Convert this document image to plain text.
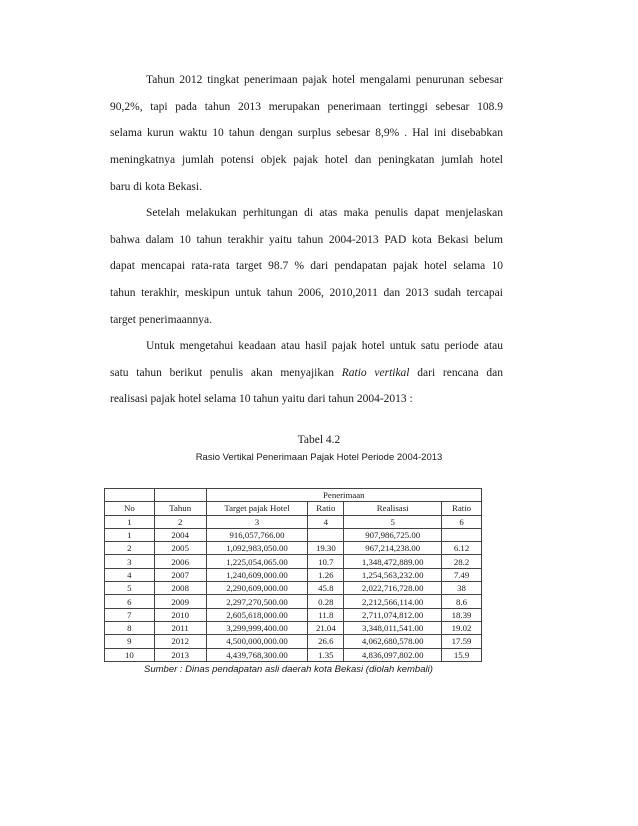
Tahun 2012 tingkat penerimaan pajak hotel mengalami penurunan sebesar
90,2%, tapi pada tahun 2013 merupakan penerimaan tertinggi sebesar 108.9
selama kurun waktu 10 tahun dengan surplus sebesar 8,9% . Hal ini disebabkan
meningkatnya jumlah potensi objek pajak hotel dan peningkatan jumlah hotel
baru di kota Bekasi.
Setelah melakukan perhitungan di atas maka penulis dapat menjelaskan
bahwa dalam 10 tahun terakhir yaitu tahun 2004-2013 PAD kota Bekasi belum
dapat mencapai rata-rata target 98.7 % dari pendapatan pajak hotel selama 10
tahun terakhir, meskipun untuk tahun 2006, 2010,2011 dan 2013 sudah tercapai
target penerimaannya.
Untuk mengetahui keadaan atau hasil pajak hotel untuk satu periode atau
satu tahun berikut penulis akan menyajikan Ratio vertikal dari rencana dan
realisasi pajak hotel selama 10 tahun yaitu dari tahun 2004-2013 :
Tabel 4.2
Rasio Vertikal Penerimaan Pajak Hotel Periode 2004-2013
		Penerimaan			
No	Tahun	Target pajak Hotel	Ratio	Realisasi	Ratio
1	2	3	4	5	6
1	2004	916,057,766.00		907,986,725.00	
2	2005	1,092,983,050.00	19.30	967,214,238.00	6.12
3	2006	1,225,054,065.00	10.7	1,348,472,889.00	28.2
4	2007	1,240,609,000.00	1.26	1,254,563,232.00	7.49
5	2008	2,290,609,000.00	45.8	2,022,716,728.00	38
6	2009	2,297,270,500.00	0.28	2,212,566,114.00	8.6
7	2010	2,605,618,000.00	11.8	2,711,074,812.00	18.39
8	2011	3,299,999,400.00	21.04	3,348,011,541.00	19.02
9	2012	4,500,000,000.00	26.6	4,062,680,578.00	17.59
10	2013	4,439,768,300.00	1.35	4,836,097,802.00	15.9
Sumber : Dinas pendapatan asli daerah kota Bekasi (diolah kembali)
